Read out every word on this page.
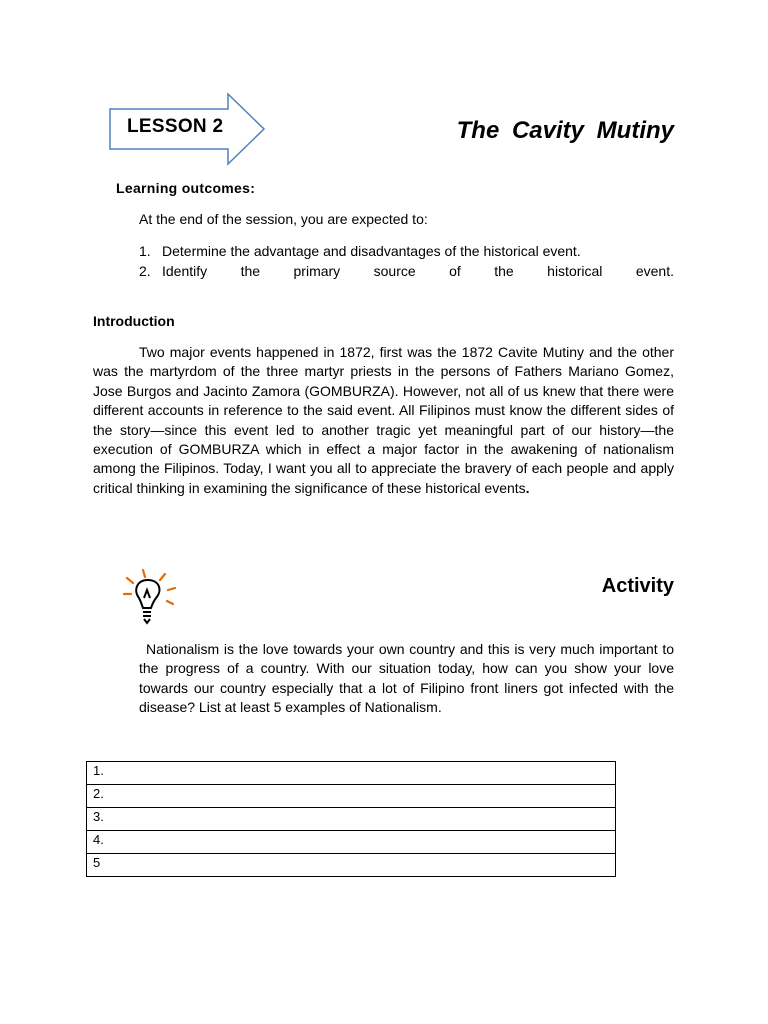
LESSON 2	The Cavity Mutiny
Learning outcomes:
At the end of the session, you are expected to:
1. Determine the advantage and disadvantages of the historical event.
2. Identify the primary source of the historical event.
Introduction

Two major events happened in 1872, first was the 1872 Cavite Mutiny and the other was the martyrdom of the three martyr priests in the persons of Fathers Mariano Gomez, Jose Burgos and Jacinto Zamora (GOMBURZA). However, not all of us knew that there were different accounts in reference to the said event. All Filipinos must know the different sides of the story—since this event led to another tragic yet meaningful part of our history—the execution of GOMBURZA which in effect a major factor in the awakening of nationalism among the Filipinos. Today, I want you all to appreciate the bravery of each people and apply critical thinking in examining the significance of these historical events.

Activity

Nationalism is the love towards your own country and this is very much important to the progress of a country. With our situation today, how can you show your love towards our country especially that a lot of Filipino front liners got infected with the disease? List at least 5 examples of Nationalism.

1.
2.
3.
4.
5
